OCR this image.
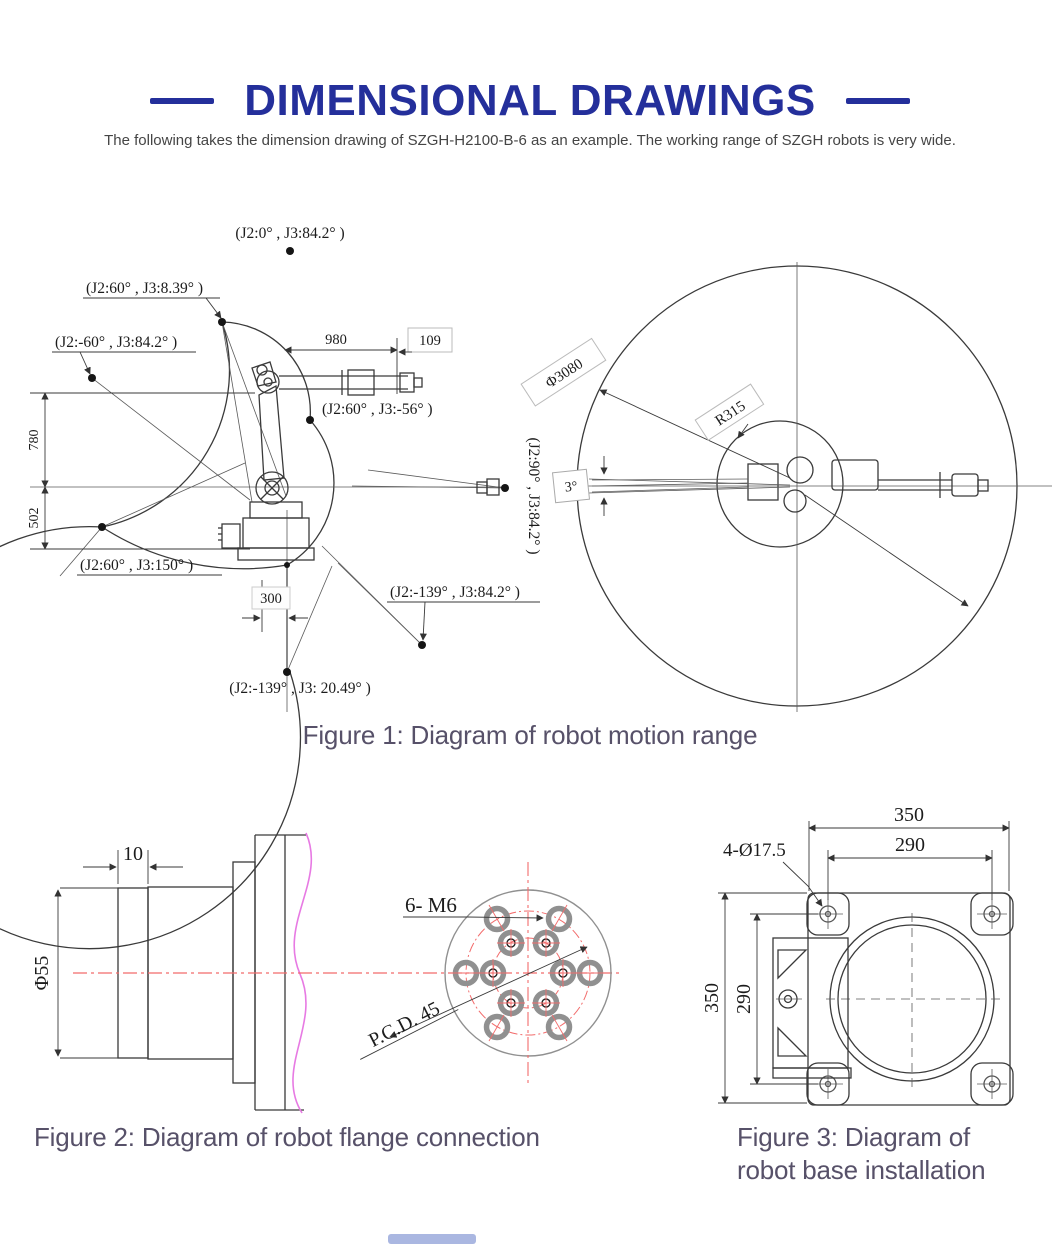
DIMENSIONAL DRAWINGS
The following takes the dimension drawing of SZGH-H2100-B-6 as an example. The working range of SZGH robots is very wide.
(J2:0° , J3:84.2° )
(J2:60° , J3:8.39° )
(J2:-60° , J3:84.2° )
(J2:60° , J3:-56° )
(J2:90° , J3:84.2° )
(J2:60° , J3:150° )
(J2:-139° , J3:84.2° )
(J2:-139° , J3: 20.49° )
780
502
980	109
300
Φ3080
R315
3°
Figure 1: Diagram of robot motion range
10
Φ55
6- M6
P.C.D. 45
350
290
4-Ø17.5
350 290
Figure 2: Diagram of robot flange connection	Figure 3: Diagram of
robot base installation
